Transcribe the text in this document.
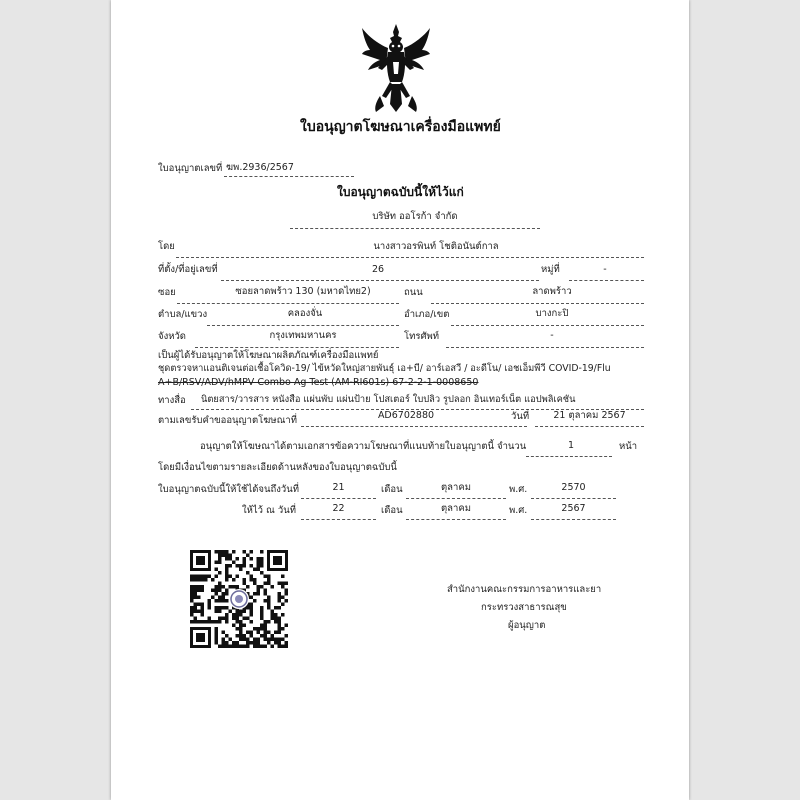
ใบอนุญาตโฆษณาเครื่องมือแพทย์
ใบอนุญาตเลขที่ ฆพ.2936/2567
ใบอนุญาตฉบับนี้ให้ไว้แก่
บริษัท ออโรก้า จำกัด
โดย	นางสาวอรพินท์ โชติอนันต์กาล
ที่ตั้ง/ที่อยู่เลขที่	26	หมู่ที่	-
ซอย	ซอยลาดพร้าว 130 (มหาดไทย2)	ถนน	ลาดพร้าว
ตำบล/แขวง	คลองจั่น	อำเภอ/เขต	บางกะปิ
จังหวัด	กรุงเทพมหานคร	โทรศัพท์	-
เป็นผู้ได้รับอนุญาตให้โฆษณาผลิตภัณฑ์เครื่องมือแพทย์
ชุดตรวจหาแอนติเจนต่อเชื้อโควิด-19/ ไข้หวัดใหญ่สายพันธุ์ เอ+บี/ อาร์เอสวี / อะดีโน/ เอชเอ็มพีวี COVID-19/Flu
A+B/RSV/ADV/hMPV Combo Ag Test (AM-RI601s) 67-2-2-1-0008650
ทางสื่อ นิตยสาร/วารสาร หนังสือ แผ่นพับ แผ่นป้าย โปสเตอร์ ใบปลิว รูปลอก อินเทอร์เน็ต แอปพลิเคชัน
ตามเลขรับคำขออนุญาตโฆษณาที่	AD6702880	วันที่	21 ตุลาคม 2567
อนุญาตให้โฆษณาได้ตามเอกสารข้อความโฆษณาที่แนบท้ายใบอนุญาตนี้ จำนวน	1	หน้า
โดยมีเงื่อนไขตามรายละเอียดด้านหลังของใบอนุญาตฉบับนี้
ใบอนุญาตฉบับนี้ให้ใช้ได้จนถึงวันที่	21	เดือน	ตุลาคม	พ.ศ.	2570
ให้ไว้ ณ วันที่	22	เดือน	ตุลาคม	พ.ศ.	2567
สำนักงานคณะกรรมการอาหารและยา
กระทรวงสาธารณสุข
ผู้อนุญาต
